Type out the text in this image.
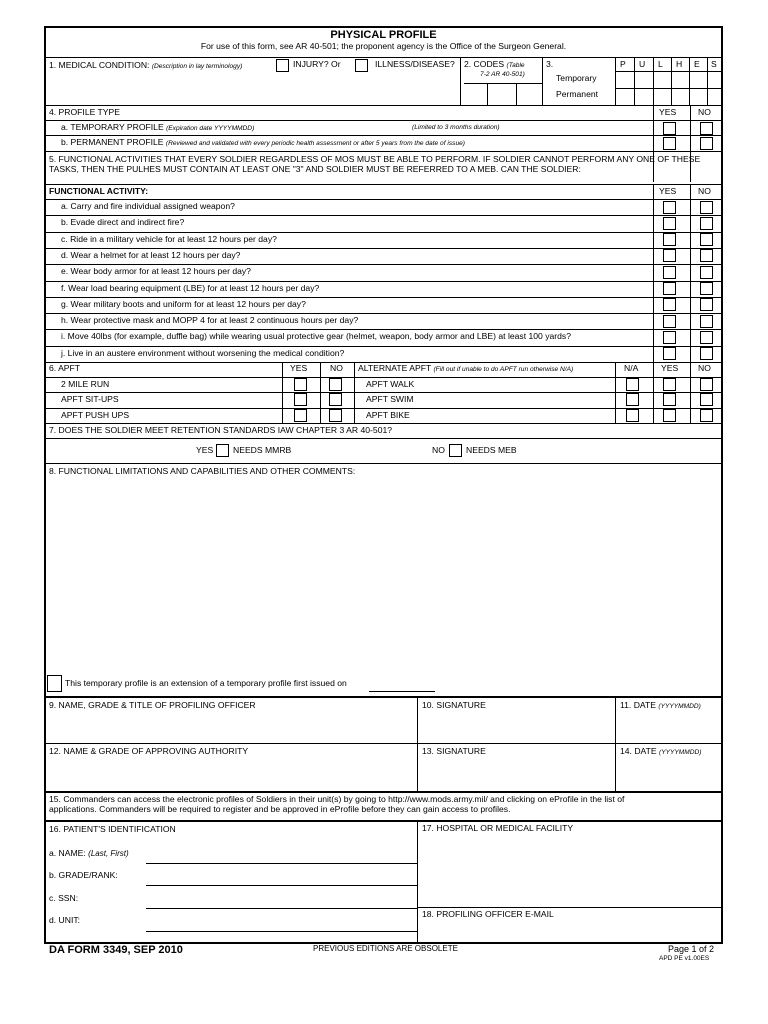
PHYSICAL PROFILE
For use of this form, see AR 40-501; the proponent agency is the Office of the Surgeon General.
1. MEDICAL CONDITION: (Description in lay terminology)	INJURY? Or	ILLNESS/DISEASE? 2. CODES (Table
7-2 AR 40-501)
3.
Temporary
Permanent
P U L H E S
4. PROFILE TYPE	YES	NO
a. TEMPORARY PROFILE (Expiration date YYYYMMDD)	(Limited to 3 months duration)
b. PERMANENT PROFILE (Reviewed and validated with every periodic health assessment or after 5 years from the date of issue)
5. FUNCTIONAL ACTIVITIES THAT EVERY SOLDIER REGARDLESS OF MOS MUST BE ABLE TO PERFORM. IF SOLDIER CANNOT PERFORM ANY ONE OF THESE TASKS, THEN THE PULHES MUST CONTAIN AT LEAST ONE "3" AND SOLDIER MUST BE REFERRED TO A MEB. CAN THE SOLDIER:
FUNCTIONAL ACTIVITY:	YES	NO
a. Carry and fire individual assigned weapon?
b. Evade direct and indirect fire?
c. Ride in a military vehicle for at least 12 hours per day?
d. Wear a helmet for at least 12 hours per day?
e. Wear body armor for at least 12 hours per day?
f. Wear load bearing equipment (LBE) for at least 12 hours per day?
g. Wear military boots and uniform for at least 12 hours per day?
h. Wear protective mask and MOPP 4 for at least 2 continuous hours per day?
i. Move 40lbs (for example, duffle bag) while wearing usual protective gear (helmet, weapon, body armor and LBE) at least 100 yards?
j. Live in an austere environment without worsening the medical condition?
6. APFT	YES	NO ALTERNATE APFT (Fill out if unable to do APFT run otherwise N/A)	N/A	YES NO
2 MILE RUN	APFT WALK
APFT SIT-UPS	APFT SWIM
APFT PUSH UPS	APFT BIKE
7. DOES THE SOLDIER MEET RETENTION STANDARDS IAW CHAPTER 3 AR 40-501?
YES NEEDS MMRB	NO NEEDS MEB
8. FUNCTIONAL LIMITATIONS AND CAPABILITIES AND OTHER COMMENTS:
This temporary profile is an extension of a temporary profile first issued on
9. NAME, GRADE & TITLE OF PROFILING OFFICER	10. SIGNATURE	11. DATE (YYYYMMDD)
12. NAME & GRADE OF APPROVING AUTHORITY	13. SIGNATURE	14. DATE (YYYYMMDD)
15. Commanders can access the electronic profiles of Soldiers in their unit(s) by going to http://www.mods.army.mil/ and clicking on eProfile in the list of
applications. Commanders will be required to register and be approved in eProfile before they can gain access to profiles.
16. PATIENT'S IDENTIFICATION
a. NAME: (Last, First)
b. GRADE/RANK:
c. SSN:
d. UNIT:
17. HOSPITAL OR MEDICAL FACILITY
18. PROFILING OFFICER E-MAIL
DA FORM 3349, SEP 2010	PREVIOUS EDITIONS ARE OBSOLETE	Page 1 of 2
APD PE v1.00ES
